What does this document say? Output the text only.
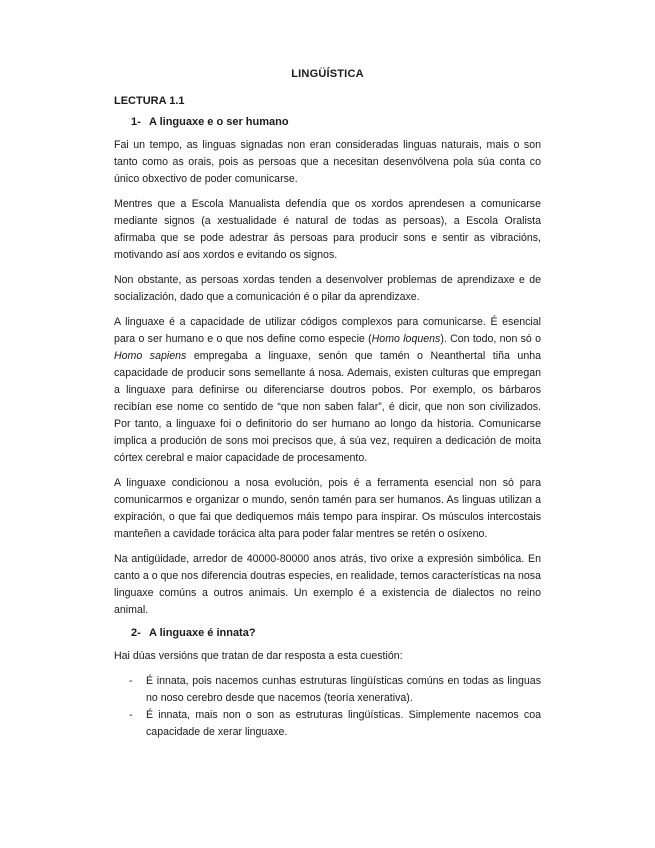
LINGÜÍSTICA
LECTURA 1.1
1- A linguaxe e o ser humano

Fai un tempo, as linguas signadas non eran consideradas linguas naturais, mais o son tanto como as orais, pois as persoas que a necesitan desenvólvena pola súa conta co único obxectivo de poder comunicarse.

Mentres que a Escola Manualista defendía que os xordos aprendesen a comunicarse mediante signos (a xestualidade é natural de todas as persoas), a Escola Oralista afirmaba que se pode adestrar ás persoas para producir sons e sentir as vibracións, motivando así aos xordos e evitando os signos.

Non obstante, as persoas xordas tenden a desenvolver problemas de aprendizaxe e de socialización, dado que a comunicación é o pilar da aprendizaxe.

A linguaxe é a capacidade de utilizar códigos complexos para comunicarse. É esencial para o ser humano e o que nos define como especie (Homo loquens). Con todo, non só o Homo sapiens empregaba a linguaxe, senón que tamén o Neanthertal tiña unha capacidade de producir sons semellante á nosa. Ademais, existen culturas que empregan a linguaxe para definirse ou diferenciarse doutros pobos. Por exemplo, os bárbaros recibían ese nome co sentido de “que non saben falar”, é dicir, que non son civilizados. Por tanto, a linguaxe foi o definitorio do ser humano ao longo da historia. Comunicarse implica a produción de sons moi precisos que, á súa vez, requiren a dedicación de moita córtex cerebral e maior capacidade de procesamento.

A linguaxe condicionou a nosa evolución, pois é a ferramenta esencial non só para comunicarmos e organizar o mundo, senón tamén para ser humanos. As linguas utilizan a expiración, o que fai que dediquemos máis tempo para inspirar. Os músculos intercostais manteñen a cavidade torácica alta para poder falar mentres se retén o osíxeno.

Na antigüidade, arredor de 40000-80000 anos atrás, tivo orixe a expresión simbólica. En canto a o que nos diferencia doutras especies, en realidade, temos características na nosa linguaxe comúns a outros animais. Un exemplo é a existencia de dialectos no reino animal.

2- A linguaxe é innata?

Hai dúas versións que tratan de dar resposta a esta cuestión:

- É innata, pois nacemos cunhas estruturas lingüísticas comúns en todas as linguas no noso cerebro desde que nacemos (teoría xenerativa).
- É innata, mais non o son as estruturas lingüísticas. Simplemente nacemos coa capacidade de xerar linguaxe.
